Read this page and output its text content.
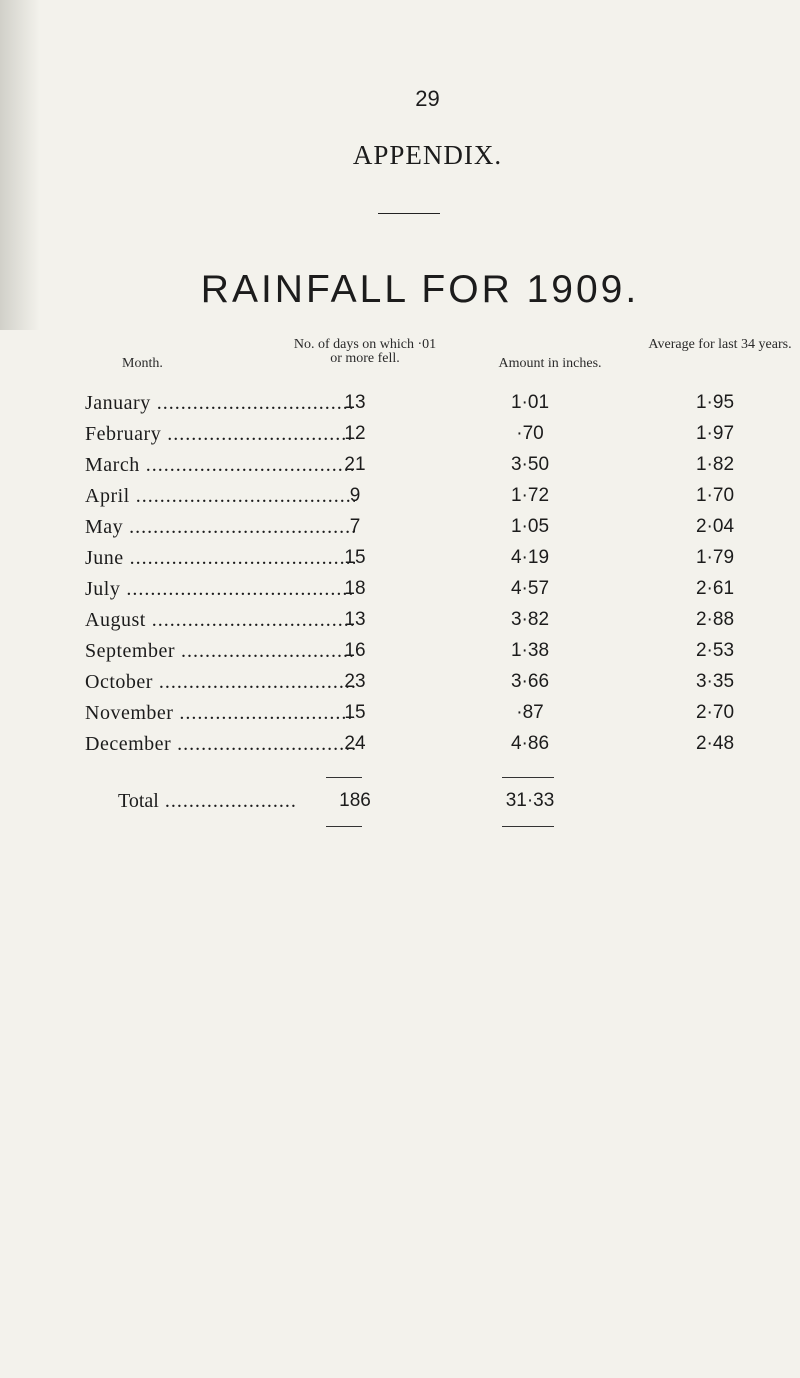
29
APPENDIX.
RAINFALL FOR 1909.
Month.
No. of days on which ·01 or more fell.	Amount in inches.
Average for last 34 years.
January .....	13	1·01	1·95
February .....	12	·70	1·97
March .....	21	3·50	1·82
April .....	9	1·72	1·70
May .....	7	1·05	2·04
June .....	15	4·19	1·79
July .....	18	4·57	2·61
August .....	13	3·82	2·88
September .....	16	1·38	2·53
October .....	23	3·66	3·35
November .....	15	·87	2·70
December .....	24	4·86	2·48
Total .....	186	31·33
